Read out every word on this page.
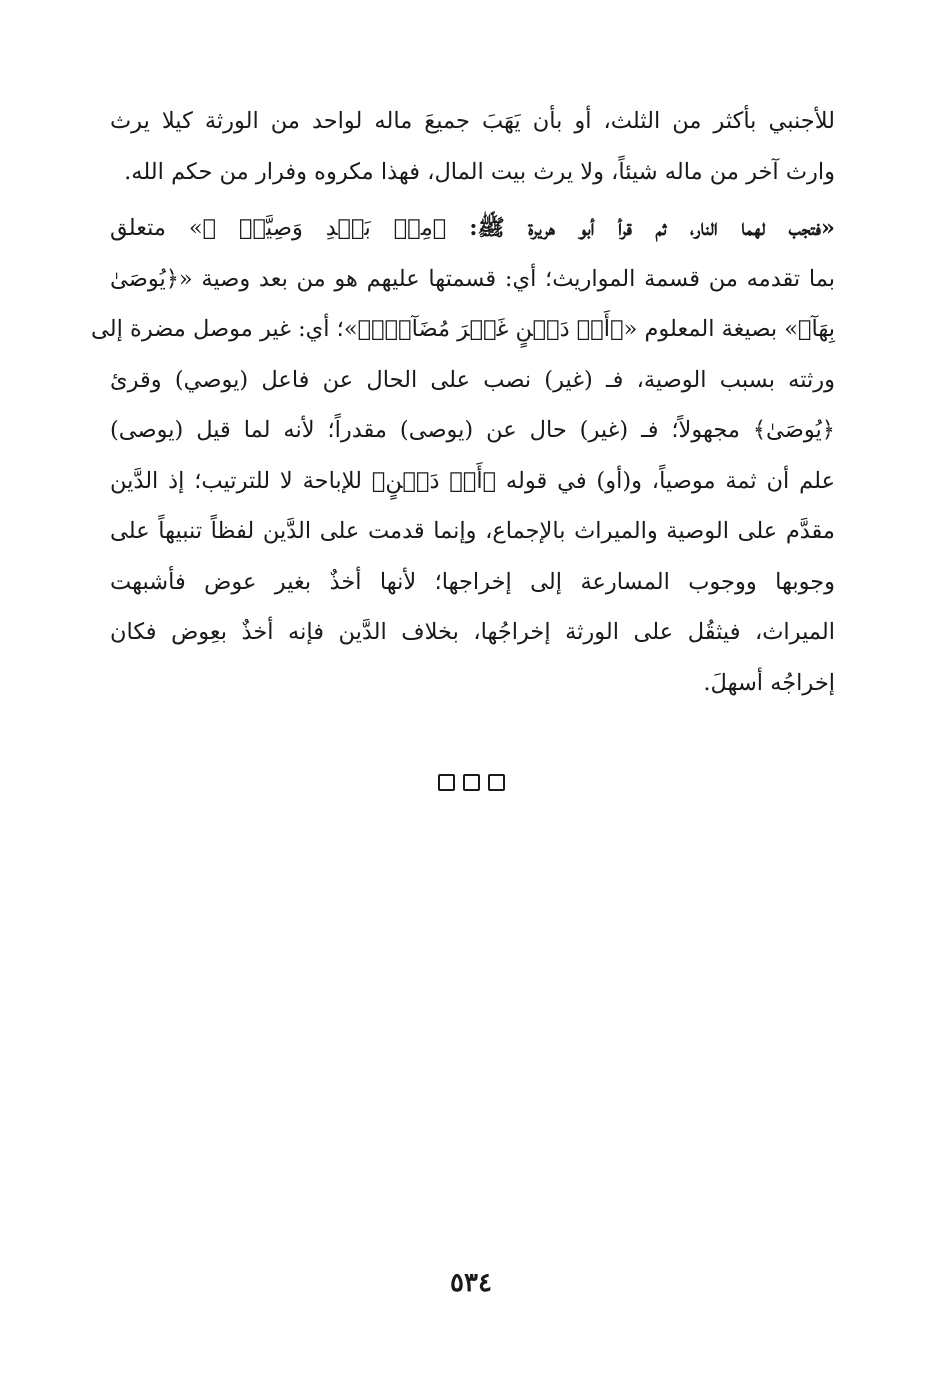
للأجنبي بأكثر من الثلث، أو بأن يَهَبَ جميعَ ماله لواحد من الورثة كيلا يرث
وارث آخر من ماله شيئاً، ولا يرث بيت المال، فهذا مكروه وفرار من حكم الله.

«فتجب لهما النار، ثم قرأ أبو هريرة ﷺ: ﴿مِنۢ بَعۡدِ وَصِيَّةٖ ﴾» متعلق
بما تقدمه من قسمة المواريث؛ أي: قسمتها عليهم هو من بعد وصية «﴿يُوصَىٰ
بِهَآ﴾» بصيغة المعلوم «﴿أَوۡ دَيۡنٍ غَيۡرَ مُضَآرّٖ﴾»؛ أي: غير موصل مضرة إلى
ورثته بسبب الوصية، فـ (غير) نصب على الحال عن فاعل (يوصي) وقرئ
﴿يُوصَىٰ﴾ مجهولاً؛ فـ (غير) حال عن (يوصى) مقدراً؛ لأنه لما قيل (يوصى)
علم أن ثمة موصياً، و(أو) في قوله ﴿أَوۡ دَيۡنٍ﴾ للإباحة لا للترتيب؛ إذ الدَّين
مقدَّم على الوصية والميراث بالإجماع، وإنما قدمت على الدَّين لفظاً تنبيهاً على
وجوبها ووجوب المسارعة إلى إخراجها؛ لأنها أخذٌ بغير عوض فأشبهت
الميراث، فيثقُل على الورثة إخراجُها، بخلاف الدَّين فإنه أخذٌ بعِوض فكان
إخراجُه أسهلَ.

٥٣٤
